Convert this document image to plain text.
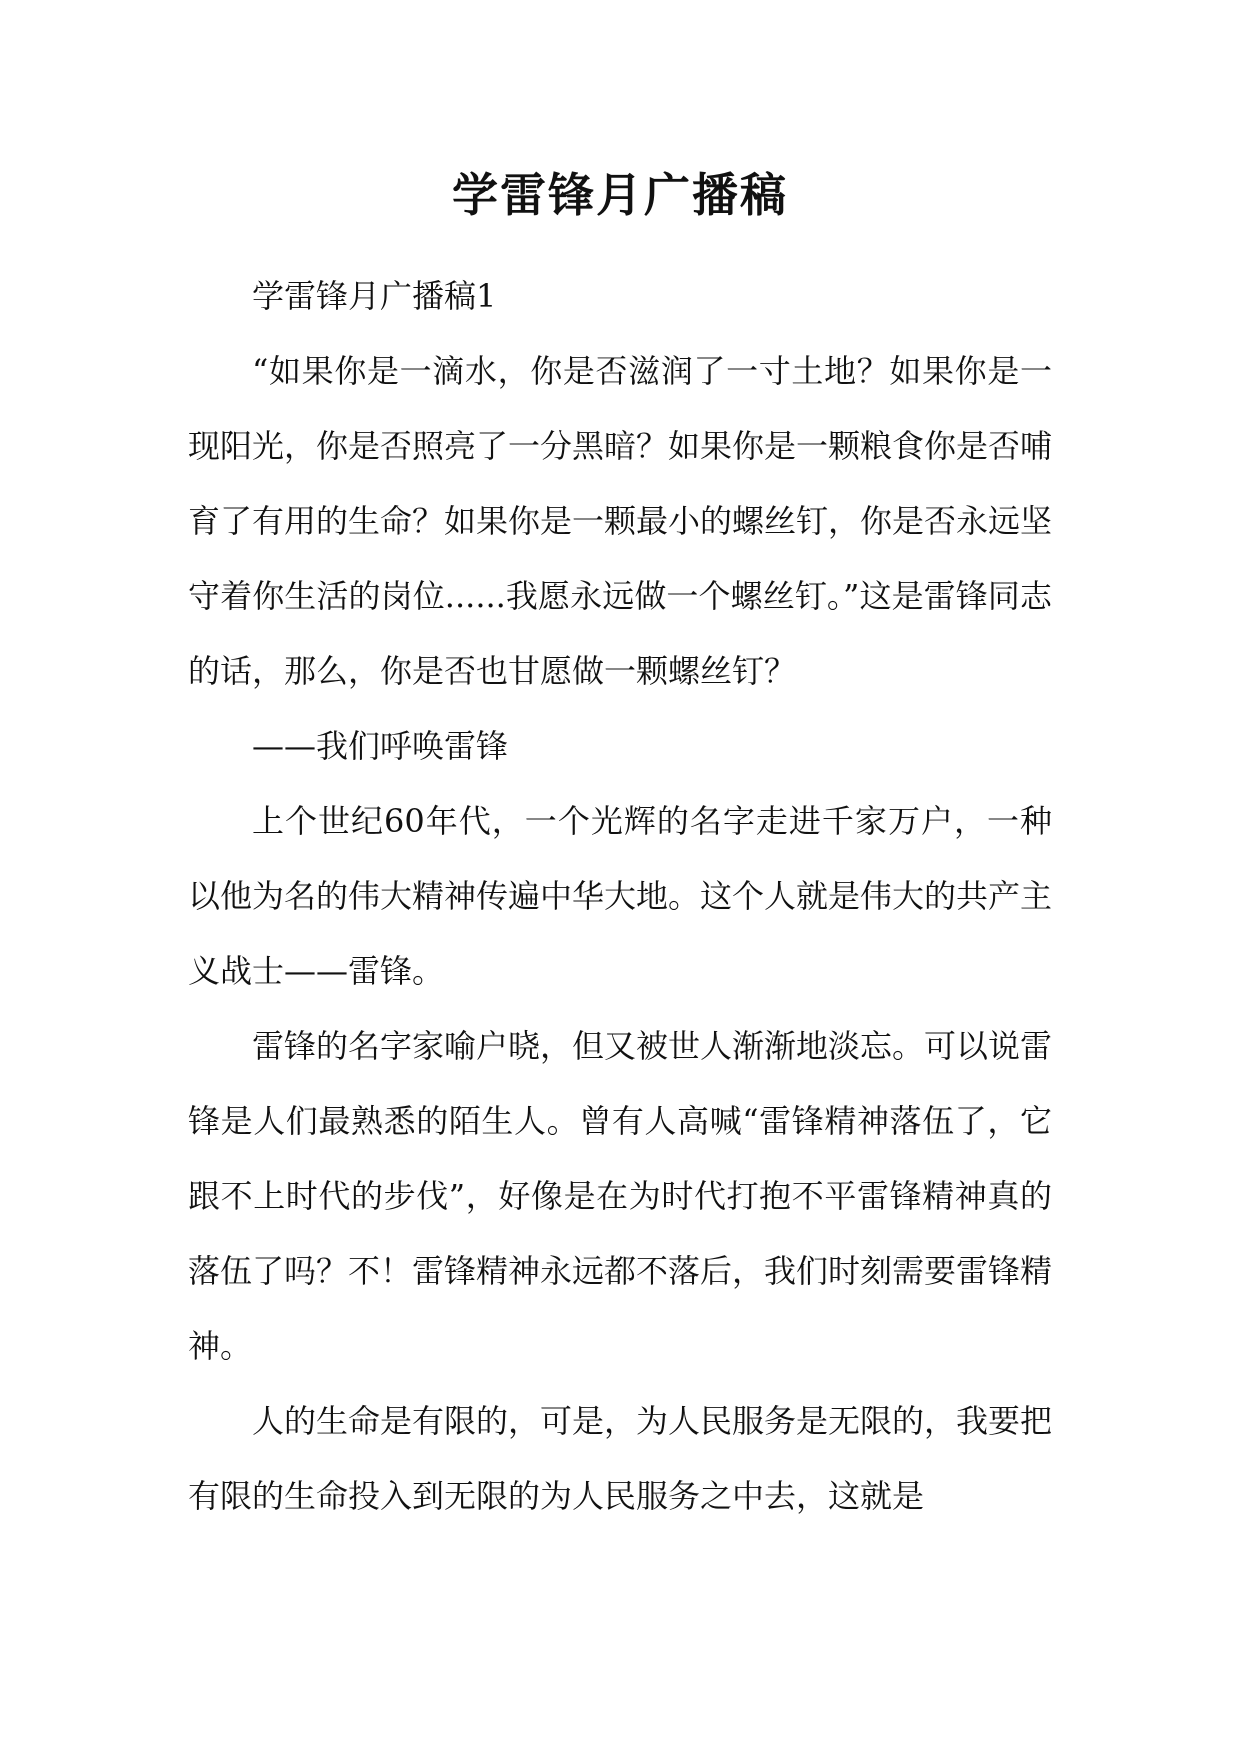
学雷锋月广播稿

学雷锋月广播稿1

“如果你是一滴水，你是否滋润了一寸土地？如果你是一现阳光，你是否照亮了一分黑暗？如果你是一颗粮食你是否哺育了有用的生命？如果你是一颗最小的螺丝钉，你是否永远坚守着你生活的岗位......我愿永远做一个螺丝钉。”这是雷锋同志的话，那么，你是否也甘愿做一颗螺丝钉？

——我们呼唤雷锋

上个世纪60年代，一个光辉的名字走进千家万户，一种以他为名的伟大精神传遍中华大地。这个人就是伟大的共产主义战士——雷锋。

雷锋的名字家喻户晓，但又被世人渐渐地淡忘。可以说雷锋是人们最熟悉的陌生人。曾有人高喊“雷锋精神落伍了，它跟不上时代的步伐”，好像是在为时代打抱不平雷锋精神真的落伍了吗？不！雷锋精神永远都不落后，我们时刻需要雷锋精神。

人的生命是有限的，可是，为人民服务是无限的，我要把有限的生命投入到无限的为人民服务之中去，这就是
